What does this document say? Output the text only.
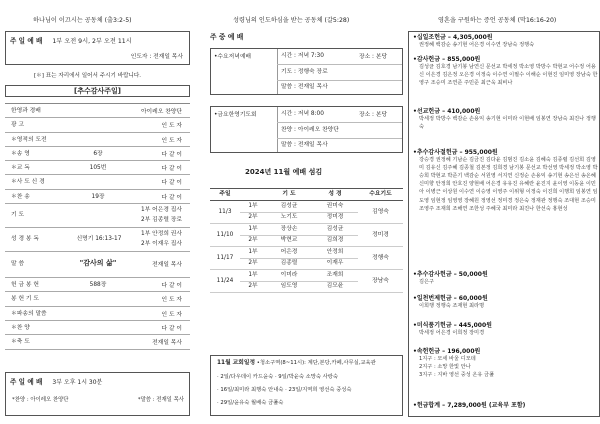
하나님이 이끄시는 공동체 (출3:2-5)
주 일 예 배 1부 오전 9시, 2부 오전 11시
인도자 : 전재일 목사
[＊] 표는 자리에서 일어서 주시기 바랍니다.
[추수감사주일]
한영과 경배	아이레오 찬양단
광 고	인 도 자
＊영적의 도전	인 도 자
＊송 영	6장	다 같 이
＊교 독	105번	다 같 이
＊사 도 신 경	다 같 이
＊찬 송	19장	다 같 이
기 도
1부 어은경 집사
2부 김종렬 장로
성 경 봉 독	신명기 16:13-17
1부 안정희 권사
2부 이재우 집사
말 씀	"감사의 삶"	전재일 목사
헌 금 봉 헌	588장	다 같 이
봉 헌 기 도	인 도 자
＊파송의 말씀	인 도 자
＊찬 양	다 같 이
＊축 도	전재일 목사
주 일 예 배 3부 오후 1시 30분
*찬양 : 아이레오 찬양단	*말씀 : 전재일 목사
성령님의 인도하심을 받는 공동체 (갈5:28)
주 중 예 배
•수요저녁예배	시간 : 저녁 7:30
기도 : 정행숙 장로
말씀 : 전재일 목사
장소 : 본당
•금요한영기도회	시간 : 저녁 8:00
찬양 : 아이레오 찬양단
말씀 : 전재일 목사
장소 : 본당
2024년 11월 예배 섬김
주일		기 도	성 경	수요기도
11/3	1부	김성균	권미숙	김영숙
	2부	노기도	정미경	
11/10	1부	장상손	김성균	정미경
	2부	박현교	김희경	
11/17	1부	어은경	안정희	정행숙
	2부	김종렬	이재우	
11/24	1부	이미라	조재희	장남숙
	2부	임도영	김모윤	
11월 교회일정 •청소구역(8~11시): 계단,본당,카페,사무실,교육관
· 2일/다우데이 카드윤숙 · 9일/박윤숙 소망숙 사랑숙
· 16일/최미라 최행숙 안내숙 · 23일/지역희 영선숙 중성숙
· 29일/윤유숙 월배숙 금풀숙
영혼을 구원하는 증언 공동체 (막16:16-20)
•십일조헌금 – 4,305,000원
권정혜 백감순 송기현 어은경 이수연 장남숙 정행숙
•감사헌금 – 855,000원
김성균 김호경 남기봉 남연신 문선교 박세정 박소영 박방수 박현교 어수정 어용신 이은경 김은정 오은경 이정숙 이수연 이필수 이해순 이현진 임미영 장남숙 한영구 조승미 조연준 주민준 최근욱 최비나
•선교헌금 – 410,000원
박세정 박방수 백감순 손용익 송기현 이미라 이현배 임봉연 장남숙 최진나 정행숙
•추수감사절헌금 – 955,000원
강승경 권정혜 기남순 김금진 김다윤 김범진 김소윤 김혜숙 김종렬 김선희 김영미 김유신 김주혜 김종철 김본정 김희경 남기봉 문선교 박선영 박세정 박소영 박승희 박현교 박준기 백감순 서원영 서지연 신정순 손용익 송기현 송은선 송온혜 신미향 안정희 안호진 양현배 어은경 유유진 유혜란 윤진지 윤이영 이동윤 이민아 이병근 이상원 이수연 이승영 이영주 이위형 이정숙 이진희 이행희 임봉연 임도영 임현정 임영영 장혜원 정영선 정미경 정은숙 정재관 정행숙 조대현 조승미 조영주 조재희 조해연 조한성 주혜국 최미라 최진나 한선숙 홍현성
•추수감사헌금 – 50,000원
김은구
•일천번제헌금 – 60,000원
이희행 정행숙 조재현 최라명
•미식품기헌금 – 445,000원
박세정 어은경 이희정 장미경
•속헌헌금 – 196,000원
1지구 : 모세 바울 디모데
2지구 : 소망 한빛 안나
3지구 : 지바 영선 중성 온유 금풀
•헌금합계 – 7,289,000원 (교육부 포함)
